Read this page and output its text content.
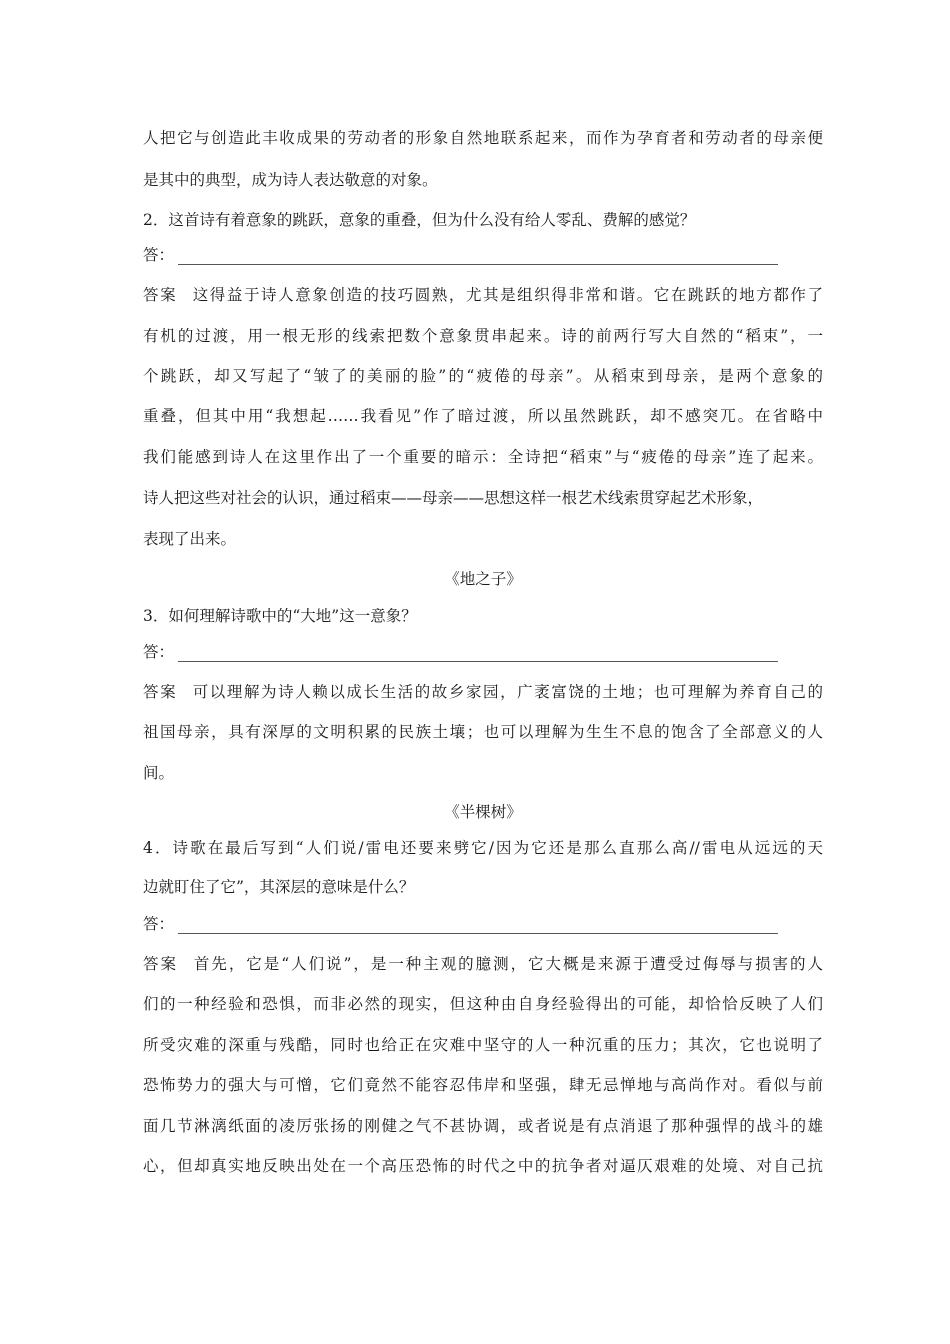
人把它与创造此丰收成果的劳动者的形象自然地联系起来，而作为孕育者和劳动者的母亲便
是其中的典型，成为诗人表达敬意的对象。
2．这首诗有着意象的跳跃，意象的重叠，但为什么没有给人零乱、费解的感觉？
答：
答案 这得益于诗人意象创造的技巧圆熟，尤其是组织得非常和谐。它在跳跃的地方都作了
有机的过渡，用一根无形的线索把数个意象贯串起来。诗的前两行写大自然的“稻束”，一
个跳跃，却又写起了“皱了的美丽的脸”的“疲倦的母亲”。从稻束到母亲，是两个意象的
重叠，但其中用“我想起……我看见”作了暗过渡，所以虽然跳跃，却不感突兀。在省略中
我们能感到诗人在这里作出了一个重要的暗示：全诗把“稻束”与“疲倦的母亲”连了起来。
诗人把这些对社会的认识，通过稻束——母亲——思想这样一根艺术线索贯穿起艺术形象，
表现了出来。
《地之子》
3．如何理解诗歌中的“大地”这一意象？
答：
答案 可以理解为诗人赖以成长生活的故乡家园，广袤富饶的土地；也可理解为养育自己的
祖国母亲，具有深厚的文明积累的民族土壤；也可以理解为生生不息的饱含了全部意义的人
间。
《半棵树》
4．诗歌在最后写到“人们说/雷电还要来劈它/因为它还是那么直那么高//雷电从远远的天
边就盯住了它”，其深层的意味是什么？
答：
答案 首先，它是“人们说”，是一种主观的臆测，它大概是来源于遭受过侮辱与损害的人
们的一种经验和恐惧，而非必然的现实，但这种由自身经验得出的可能，却恰恰反映了人们
所受灾难的深重与残酷，同时也给正在灾难中坚守的人一种沉重的压力；其次，它也说明了
恐怖势力的强大与可憎，它们竟然不能容忍伟岸和坚强，肆无忌惮地与高尚作对。看似与前
面几节淋漓纸面的凌厉张扬的刚健之气不甚协调，或者说是有点消退了那种强悍的战斗的雄
心，但却真实地反映出处在一个高压恐怖的时代之中的抗争者对逼仄艰难的处境、对自己抗
